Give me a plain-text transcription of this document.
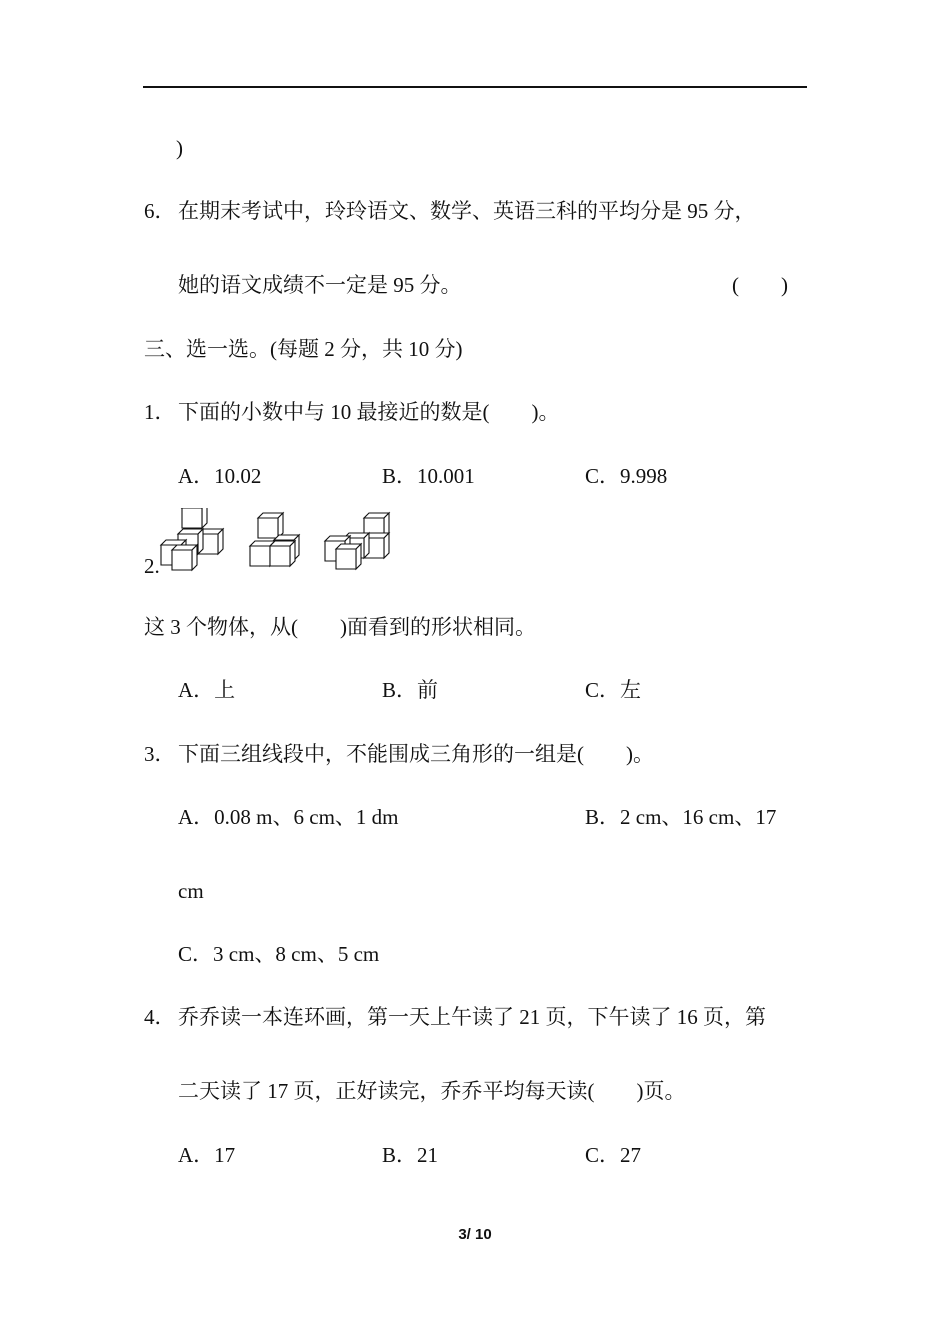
)
6． 在期末考试中，玲玲语文、数学、英语三科的平均分是 95 分，
她的语文成绩不一定是 95 分。	(　　)
三、选一选。(每题 2 分，共 10 分)
1． 下面的小数中与 10 最接近的数是(　　)。
A．10.02	B．10.001	C．9.998
2.
这 3 个物体，从(　　)面看到的形状相同。
A．上	B．前	C．左
3． 下面三组线段中，不能围成三角形的一组是(　　)。
A．0.08 m、6 cm、1 dm	B．2 cm、16 cm、17
cm
C．3 cm、8 cm、5 cm
4． 乔乔读一本连环画，第一天上午读了 21 页，下午读了 16 页，第
二天读了 17 页，正好读完，乔乔平均每天读(　　)页。
A．17	B．21	C．27
3/ 10
